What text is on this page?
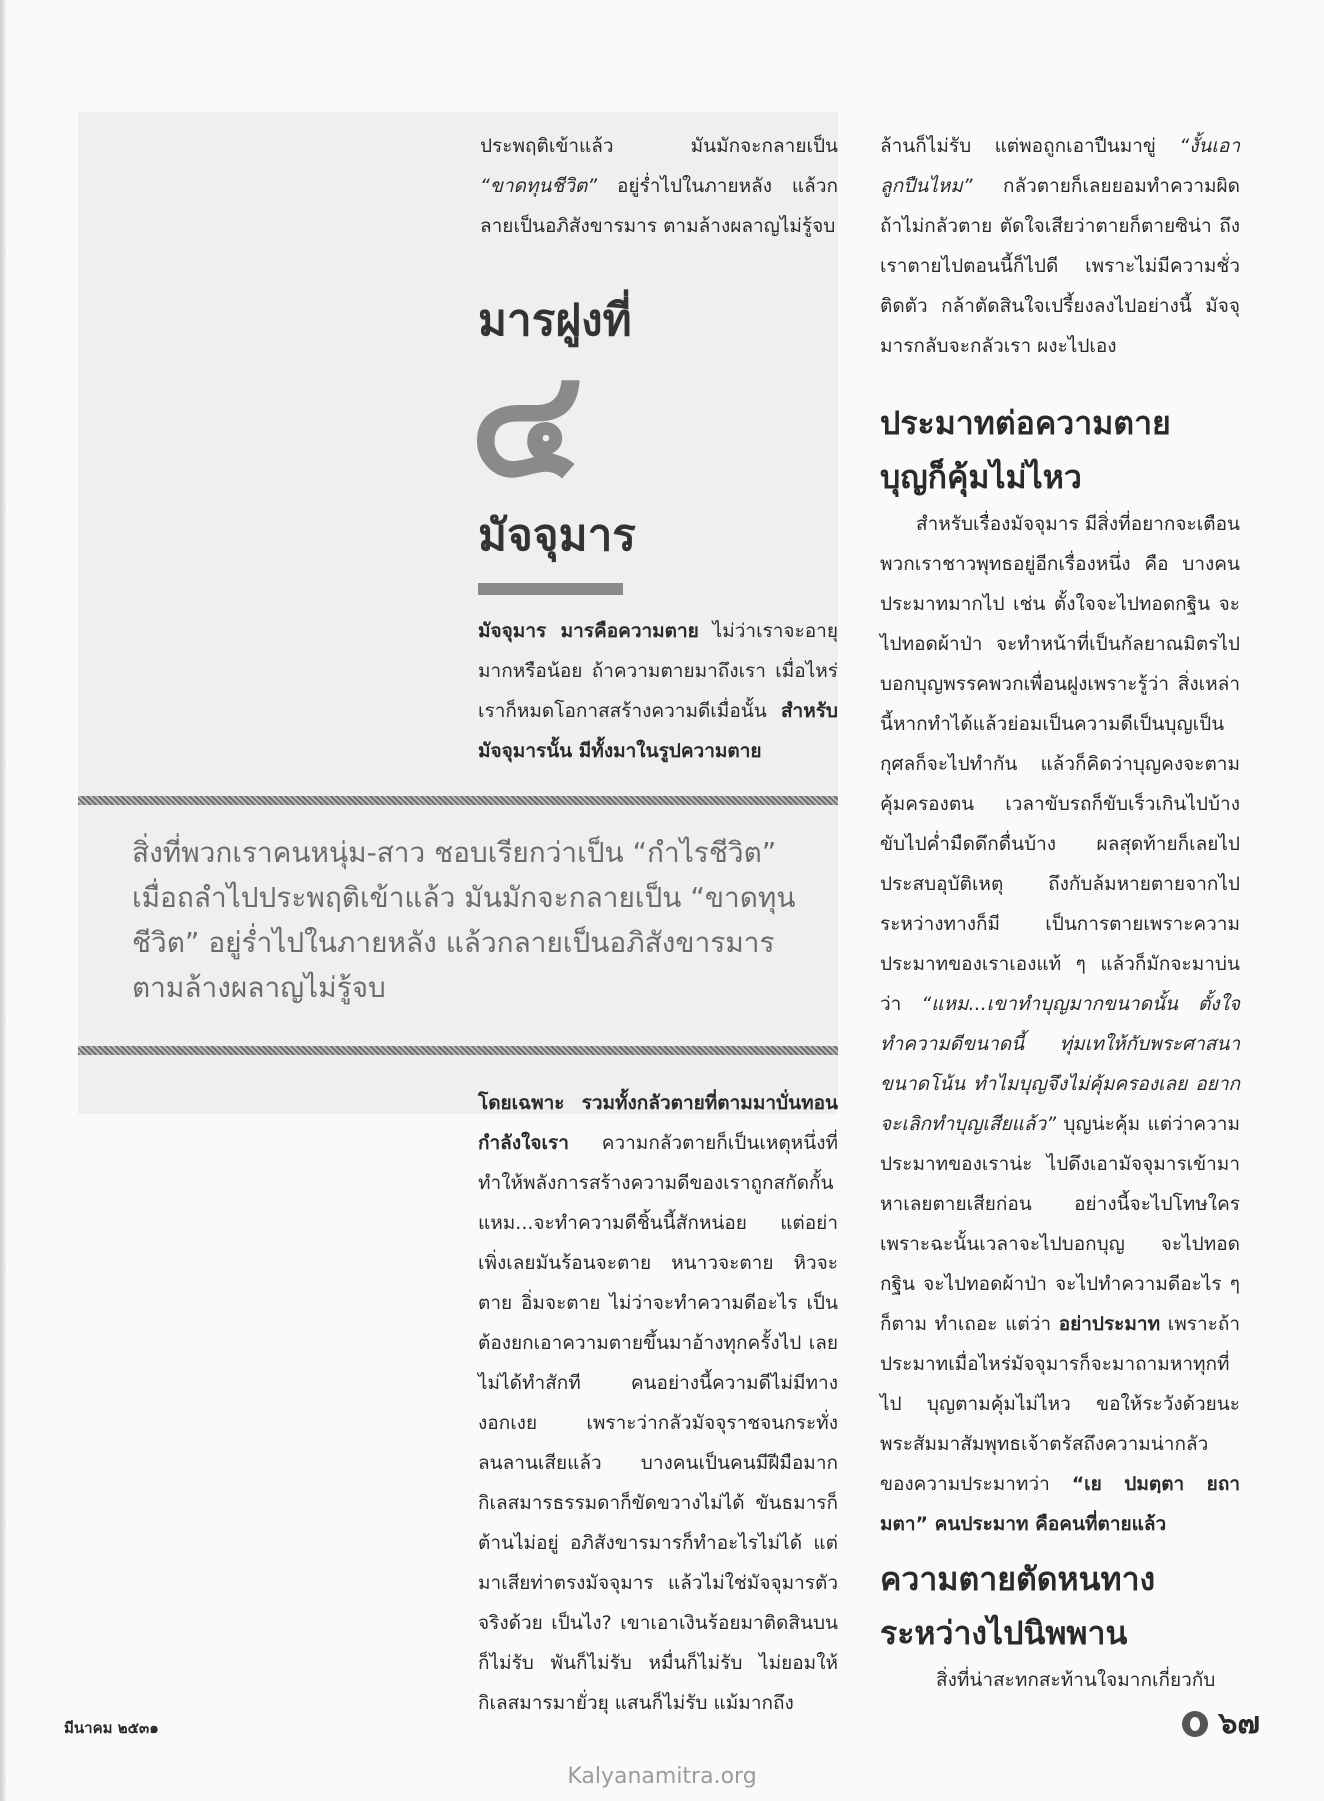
ประพฤติเข้าแล้ว มันมักจะกลายเป็น “ขาดทุนชีวิต” อยู่ร่ำไปในภายหลัง แล้วกลายเป็นอภิสังขารมาร ตามล้างผลาญไม่รู้จบ

มารฝูงที่
๔
มัจจุมาร

มัจจุมาร มารคือความตาย ไม่ว่าเราจะอายุมากหรือน้อย ถ้าความตายมาถึงเรา เมื่อไหร่ เราก็หมดโอกาสสร้างความดีเมื่อนั้น สำหรับมัจจุมารนั้น มีทั้งมาในรูปความตาย

สิ่งที่พวกเราคนหนุ่ม-สาว ชอบเรียกว่าเป็น “กำไรชีวิต” เมื่อถลำไปประพฤติเข้าแล้ว มันมักจะกลายเป็น “ขาดทุนชีวิต” อยู่ร่ำไปในภายหลัง แล้วกลายเป็นอภิสังขารมาร ตามล้างผลาญไม่รู้จบ

โดยเฉพาะ รวมทั้งกลัวตายที่ตามมาบั่นทอนกำลังใจเรา ความกลัวตายก็เป็นเหตุหนึ่งที่ทำให้พลังการสร้างความดีของเราถูกสกัดกั้น แหม...จะทำความดีชิ้นนี้สักหน่อย แต่อย่าเพิ่งเลยมันร้อนจะตาย หนาวจะตาย หิวจะตาย อิ่มจะตาย ไม่ว่าจะทำความดีอะไร เป็นต้องยกเอาความตายขึ้นมาอ้างทุกครั้งไป เลยไม่ได้ทำสักที คนอย่างนี้ความดีไม่มีทางงอกเงย เพราะว่ากลัวมัจจุราชจนกระทั่งลนลานเสียแล้ว บางคนเป็นคนมีฝีมือมาก กิเลสมารธรรมดาก็ขัดขวางไม่ได้ ขันธมารก็ต้านไม่อยู่ อภิสังขารมารก็ทำอะไรไม่ได้ แต่มาเสียท่าตรงมัจจุมาร แล้วไม่ใช่มัจจุมารตัวจริงด้วย เป็นไง? เขาเอาเงินร้อยมาติดสินบนก็ไม่รับ พันก็ไม่รับ หมื่นก็ไม่รับ ไม่ยอมให้กิเลสมารมายั่วยุ แสนก็ไม่รับ แม้มากถึง

ล้านก็ไม่รับ แต่พอถูกเอาปืนมาขู่ “งั้นเอาลูกปืนไหม” กลัวตายก็เลยยอมทำความผิด ถ้าไม่กลัวตาย ตัดใจเสียว่าตายก็ตายซิน่า ถึงเราตายไปตอนนี้ก็ไปดี เพราะไม่มีความชั่วติดตัว กล้าตัดสินใจเปรี้ยงลงไปอย่างนี้ มัจจุมารกลับจะกลัวเรา ผงะไปเอง

ประมาทต่อความตาย
บุญก็คุ้มไม่ไหว

สำหรับเรื่องมัจจุมาร มีสิ่งที่อยากจะเตือนพวกเราชาวพุทธอยู่อีกเรื่องหนึ่ง คือ บางคนประมาทมากไป เช่น ตั้งใจจะไปทอดกฐิน จะไปทอดผ้าป่า จะทำหน้าที่เป็นกัลยาณมิตรไปบอกบุญพรรคพวกเพื่อนฝูงเพราะรู้ว่า สิ่งเหล่านี้หากทำได้แล้วย่อมเป็นความดีเป็นบุญเป็นกุศลก็จะไปทำกัน แล้วก็คิดว่าบุญคงจะตามคุ้มครองตน เวลาขับรถก็ขับเร็วเกินไปบ้าง ขับไปค่ำมืดดึกดื่นบ้าง ผลสุดท้ายก็เลยไปประสบอุบัติเหตุ ถึงกับล้มหายตายจากไประหว่างทางก็มี เป็นการตายเพราะความประมาทของเราเองแท้ ๆ แล้วก็มักจะมาบ่นว่า “แหม...เขาทำบุญมากขนาดนั้น ตั้งใจทำความดีขนาดนี้ ทุ่มเทให้กับพระศาสนาขนาดโน้น ทำไมบุญจึงไม่คุ้มครองเลย อยากจะเลิกทำบุญเสียแล้ว” บุญน่ะคุ้ม แต่ว่าความประมาทของเราน่ะ ไปดึงเอามัจจุมารเข้ามาหาเลยตายเสียก่อน อย่างนี้จะไปโทษใคร เพราะฉะนั้นเวลาจะไปบอกบุญ จะไปทอดกฐิน จะไปทอดผ้าป่า จะไปทำความดีอะไร ๆ ก็ตาม ทำเถอะ แต่ว่า อย่าประมาท เพราะถ้าประมาทเมื่อไหร่มัจจุมารก็จะมาถามหาทุกที่ไป บุญตามคุ้มไม่ไหว ขอให้ระวังด้วยนะ พระสัมมาสัมพุทธเจ้าตรัสถึงความน่ากลัวของความประมาทว่า “เย ปมตฺตา ยถา มตา” คนประมาท คือคนที่ตายแล้ว

ความตายตัดหนทาง
ระหว่างไปนิพพาน

สิ่งที่น่าสะทกสะท้านใจมากเกี่ยวกับ

มีนาคม ๒๕๓๑	๖๗
Kalyanamitra.org
